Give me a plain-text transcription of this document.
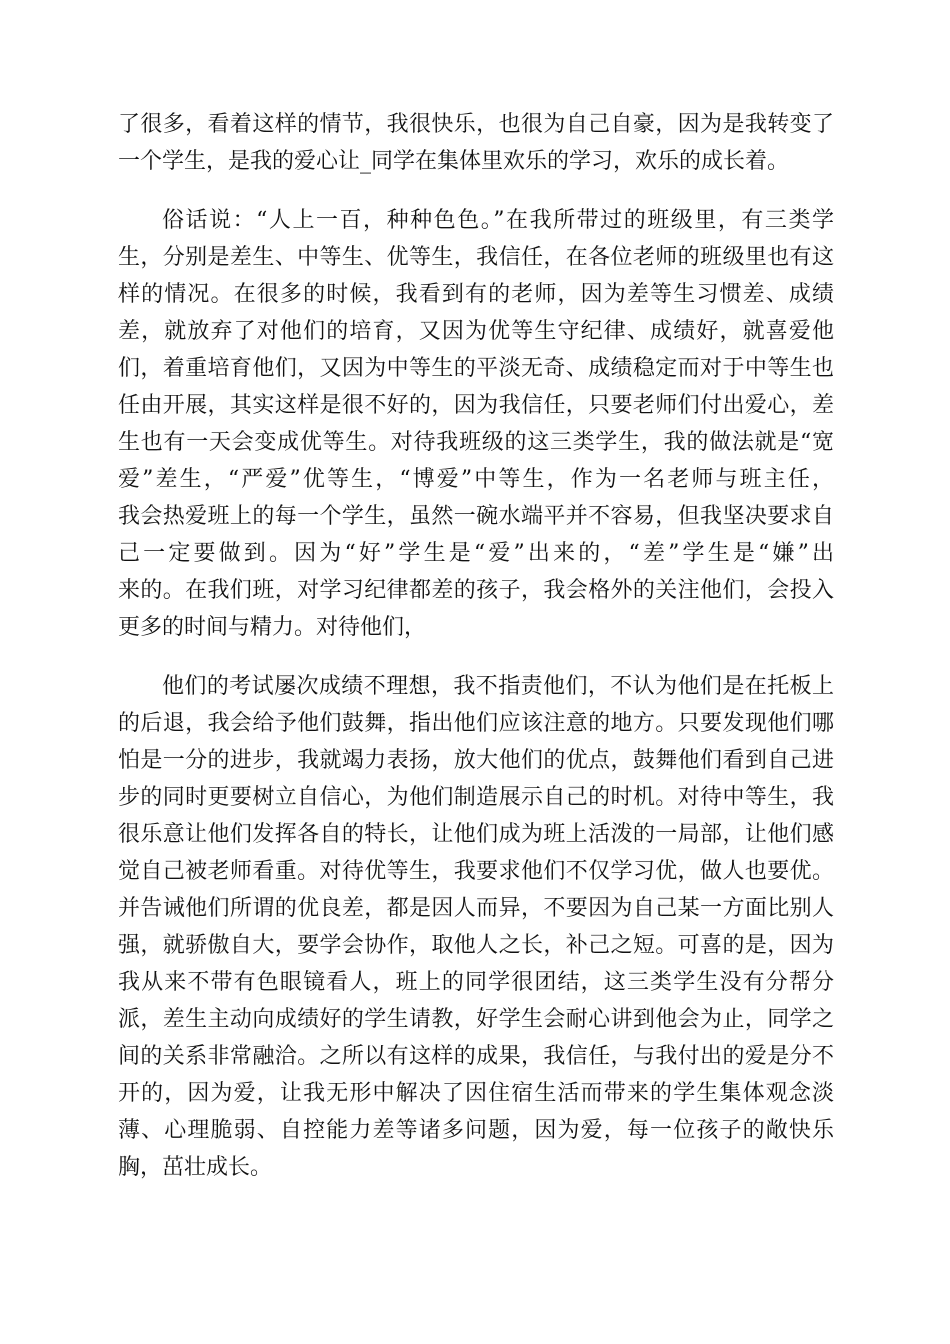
了很多，看着这样的情节，我很快乐，也很为自己自豪，因为是我转变了
一个学生，是我的爱心让_同学在集体里欢乐的学习，欢乐的成长着。
俗话说：“人上一百，种种色色。”在我所带过的班级里，有三类学
生，分别是差生、中等生、优等生，我信任，在各位老师的班级里也有这
样的情况。在很多的时候，我看到有的老师，因为差等生习惯差、成绩
差，就放弃了对他们的培育，又因为优等生守纪律、成绩好，就喜爱他
们，着重培育他们，又因为中等生的平淡无奇、成绩稳定而对于中等生也
任由开展，其实这样是很不好的，因为我信任，只要老师们付出爱心，差
生也有一天会变成优等生。对待我班级的这三类学生，我的做法就是“宽
爱”差生，“严爱”优等生，“博爱”中等生，作为一名老师与班主任，
我会热爱班上的每一个学生，虽然一碗水端平并不容易，但我坚决要求自
己一定要做到。因为“好”学生是“爱”出来的，“差”学生是“嫌”出
来的。在我们班，对学习纪律都差的孩子，我会格外的关注他们，会投入
更多的时间与精力。对待他们，
他们的考试屡次成绩不理想，我不指责他们，不认为他们是在托板上
的后退，我会给予他们鼓舞，指出他们应该注意的地方。只要发现他们哪
怕是一分的进步，我就竭力表扬，放大他们的优点，鼓舞他们看到自己进
步的同时更要树立自信心，为他们制造展示自己的时机。对待中等生，我
很乐意让他们发挥各自的特长，让他们成为班上活泼的一局部，让他们感
觉自己被老师看重。对待优等生，我要求他们不仅学习优，做人也要优。
并告诫他们所谓的优良差，都是因人而异，不要因为自己某一方面比别人
强，就骄傲自大，要学会协作，取他人之长，补己之短。可喜的是，因为
我从来不带有色眼镜看人，班上的同学很团结，这三类学生没有分帮分
派，差生主动向成绩好的学生请教，好学生会耐心讲到他会为止，同学之
间的关系非常融洽。之所以有这样的成果，我信任，与我付出的爱是分不
开的，因为爱，让我无形中解决了因住宿生活而带来的学生集体观念淡
薄、心理脆弱、自控能力差等诸多问题，因为爱，每一位孩子的敞快乐
胸，茁壮成长。
